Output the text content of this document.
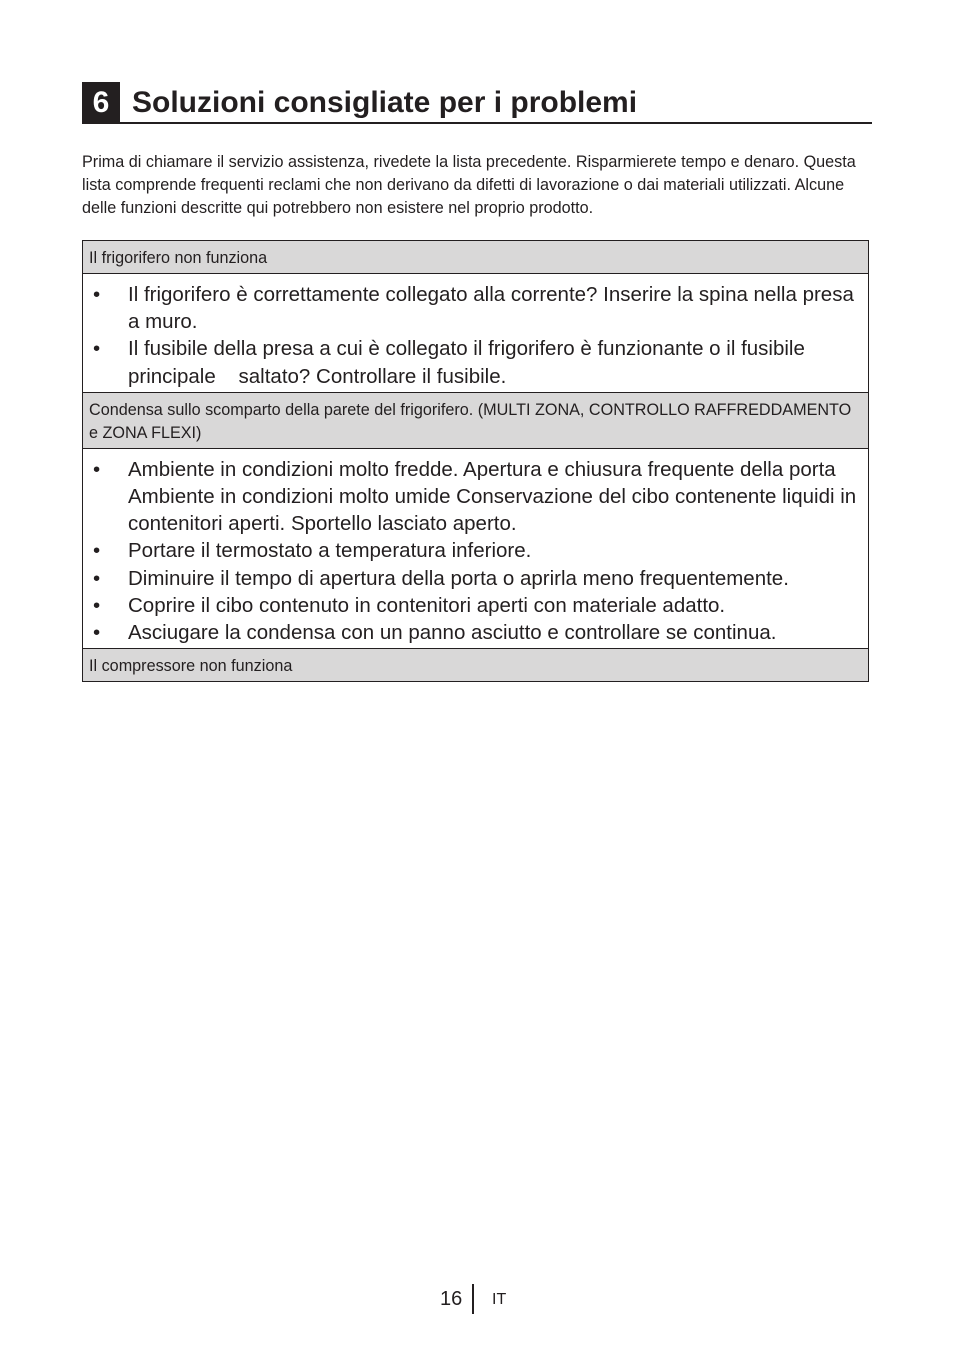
6 Soluzioni consigliate per i problemi
Prima di chiamare il servizio assistenza, rivedete la lista precedente. Risparmierete tempo e denaro. Questa lista comprende frequenti reclami che non derivano da difetti di lavorazione o dai materiali utilizzati. Alcune delle funzioni descritte qui potrebbero non esistere nel proprio prodotto.
Il frigorifero non funziona
• Il frigorifero è correttamente collegato alla corrente? Inserire la spina nella presa a muro.
• Il fusibile della presa a cui è collegato il frigorifero è funzionante o il fusibile principale    saltato? Controllare il fusibile.
Condensa sullo scomparto della parete del frigorifero. (MULTI ZONA, CONTROLLO RAFFREDDAMENTO e ZONA FLEXI)
• Ambiente in condizioni molto fredde. Apertura e chiusura frequente della porta Ambiente in condizioni molto umide Conservazione del cibo contenente liquidi in contenitori aperti. Sportello lasciato aperto.
• Portare il termostato a temperatura inferiore.
• Diminuire il tempo di apertura della porta o aprirla meno frequentemente.
• Coprire il cibo contenuto in contenitori aperti con materiale adatto.
• Asciugare la condensa con un panno asciutto e controllare se continua.
Il compressore non funziona
16 IT
